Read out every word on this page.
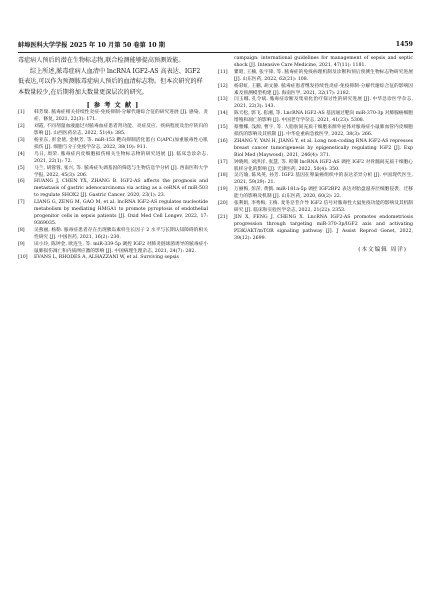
蚌埠医科大学学报 2025 年 10 月第 50 卷第 10 期	1459

毒症病人预后的潜在生物标志物,联合检测能够提高预测效能。

综上所述,脓毒症病人血清中 lncRNA IGF2-AS 高表达、IGF2 低表达,可以作为预测脓毒症病人预后的血清标志物。但本次研究的样本数量较少,在后期将加大数量更深层次的研究。

[ 参 考 文 献 ]
[1]	韩芳瑞. 脓毒症相关持续性炎症-免疫抑制-分解代谢综合征的研究进展 [J]. 感染、炎症、修复, 2021, 22(3): 171.
[2]	刘霞, 不同剂量血液滤过对脓毒血症患者肾功能、炎症反应、疾病程度及治疗转归的影响 [J]. 山西医药杂志, 2022, 51(4): 385.
[3]	杨亚东, 彭金倩, 金秋芳, 等. miR-153 靶向抑制活化蛋白 C(APC)加重脓毒性心肌损伤 [J]. 细胞与分子免疫学杂志, 2022, 38(10): 911.
[4]	乌日, 周荣. 脓毒症内皮细胞损伤相关生物标志物的研究进展 [J]. 临床急诊杂志, 2021, 22(1): 72.
[5]	马兰, 胡蓉蓉, 张兴, 等. 脓毒症失调基因的筛选与生物信息学分析 [J]. 西南医科大学学报, 2022, 45(3): 206.
[6]	HUANG J, CHEN YX, ZHANG B. IGF2-AS affects the prognosis and metastasis of gastric adenocarcinoma via acting as a ceRNA of miR-503 to regulate SHOX2 [J]. Gastric Cancer, 2020, 23(1): 23.
[7]	LIANG G, ZENG M, GAO M, et al. lncRNA IGF2-AS regulates nucleotide metabolism by mediating HMGA1 to promote pyroptosis of endothelial progenitor cells in sepsis patients [J]. Oxid Med Cell Longev, 2022, 17: 9369035.
[8]	吴燕丽, 杨勒. 脓毒症患者存在出现胰岛素样生长因子 2 水平与长期认知障碍的相关性研究 [J]. 中国医药, 2021, 16(2): 230.
[9]	田小玲, 陈钟金, 欧连生, 等. miR-339-5p 调控 IGF2 对肺炎链球菌诱导的脓毒症小鼠肺损伤凋亡和内质网应激的影响 [J]. 中国病理生理杂志, 2021, 24(7): 282.
[10]	EVANS L, RHODES A, ALHAZZANI W, et al. Surviving sepsis
campaign: international guidelines for management of sepsis and septic shock [J]. Intensive Care Medicine, 2021, 47(11): 1181.
[11]	瞿昭, 王楠, 张宇锋, 等. 脓毒症的免疫病理机制及诊断和预后预测生物标志物研究进展 [J]. 山东医药, 2022, 62(21): 108.
[12]	杨彩虹, 王鹏, 胡文静. 脓毒症患者继发持续性炎症-免疫抑制-分解代谢综合征的影响因素及预测模型构建 [J]. 海南医学, 2021, 32(17): 2182.
[13]	闫玉娜, 孔令斌. 脓毒症诊断及集束化治疗探讨性的研究进展 [J]. 中华急诊医学杂志, 2021, 22(3): 143.
[14]	陈天松, 郭飞, 崔湘, 等. LncRNA IGF2-AS 基因通过靶向 miR-370-3p 对肺腺癌细胞增殖和凋亡的影响 [J]. 中国老年学杂志, 2021, 41(23): 5308.
[15]	蔡雅娜, 浅源, 曹宇, 等. 人脂肪间充质干细胞来源外泌体对脓毒症小鼠肺血管内皮细胞损伤的影响及其机制 [J]. 中华危重病急救医学, 2022, 38(3): 266.
[16]	ZHANG Y, YAN H, JIANG Y, et al. Long non-coding RNA IGF2-AS represses breast cancer tumorigenesis by epigenetically regulating IGF2 [J]. Exp Biol Med (Maywood), 2021, 246(4): 371.
[17]	钟晓鸣, 刘洪洋, 张慧, 等. 抑制 lncRNA IGF2-AS 调控 IGF2 对骨髓间充质干细胞心肌样分化的影响 [J]. 天津医药, 2022, 50(4): 350.
[18]	吴巧瑜, 陈凤英, 孙芳. IGF2 基因在卵巢癌组织中的表达差异分析 [J]. 中国现代医生, 2021, 59(29): 21.
[19]	万丽梅, 彭萍, 黄鹤. miR-181a-5p 调控 IGF2BP2 表达对胎盘滋养层细胞侵袭、迁移能力的影响及机制 [J]. 山东医药, 2020, 60(2): 22.
[20]	张利娟, 李秀梅, 王梅. 麦冬皂苷介导 IGF2 信号对脓毒性大鼠免疫功能的影响及其机制研究 [J]. 临床和实验医学杂志, 2022, 21(22): 2353.
[21]	JIN X, FENG J, CHENG X. LncRNA IGF2-AS promotes endometriosis progression through targeting miR-370-3p/IGF2 axis and activating PI3K/AKT/mTOR signaling pathway [J]. J Assist Reprod Genet, 2022, 39(12): 2699.
(本文编辑 周洋)
